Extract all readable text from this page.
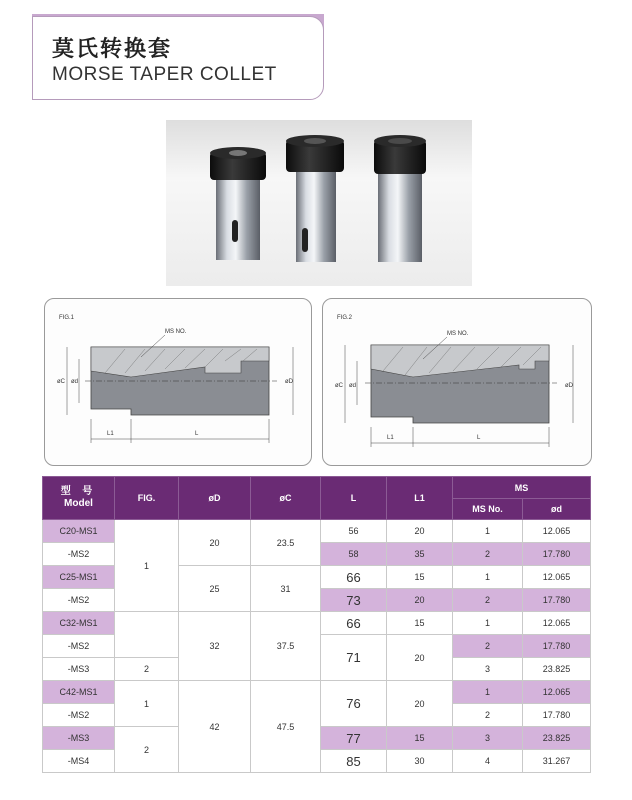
莫氏转换套
MORSE TAPER COLLET
FIG.1
MS NO.
øC ød	øD
L1	L
FIG.2
MS NO.
øC ød	øD
L1	L
型 号
Model	FIG.	øD	øC	L	L1	MS	
						MS No.	ød
C20-MS1	1	20	23.5	56	20	1	12.065
-MS2				58	35	2	17.780
C25-MS1		25	31	66	15	1	12.065
-MS2				73	20	2	17.780
C32-MS1		32	37.5	66	15	1	12.065
-MS2				71	20	2	17.780
-MS3	2					3	23.825
C42-MS1	1	42	47.5	76	20	1	12.065
-MS2						2	17.780
-MS3	2			77	15	3	23.825
-MS4				85	30	4	31.267
